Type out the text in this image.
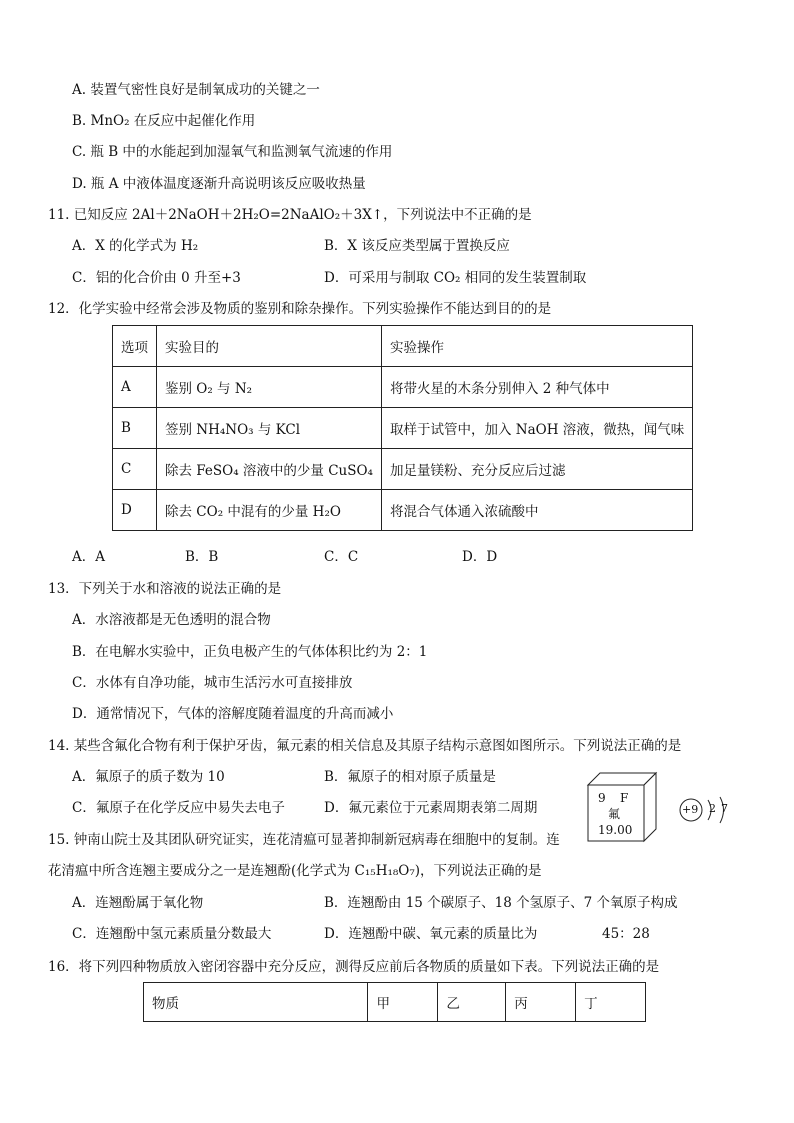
A. 装置气密性良好是制氧成功的关键之一
B. MnO₂ 在反应中起催化作用
C. 瓶 B 中的水能起到加湿氧气和监测氧气流速的作用
D. 瓶 A 中液体温度逐渐升高说明该反应吸收热量
11. 已知反应 2Al＋2NaOH＋2H₂O=2NaAlO₂＋3X↑，下列说法中不正确的是
A．X 的化学式为 H₂	B．X 该反应类型属于置换反应
C．铝的化合价由 0 升至+3	D．可采用与制取 CO₂ 相同的发生装置制取
12．化学实验中经常会涉及物质的鉴别和除杂操作。下列实验操作不能达到目的的是
选项	实验目的	实验操作
A	鉴别 O₂ 与 N₂	将带火星的木条分别伸入 2 种气体中
B	签别 NH₄NO₃ 与 KCl	取样于试管中，加入 NaOH 溶液，微热，闻气味
C	除去 FeSO₄ 溶液中的少量 CuSO₄	加足量镁粉、充分反应后过滤
D	除去 CO₂ 中混有的少量 H₂O	将混合气体通入浓硫酸中
A．A	B．B	C．C	D．D
13．下列关于水和溶液的说法正确的是
A．水溶液都是无色透明的混合物
B．在电解水实验中，正负电极产生的气体体积比约为 2：1
C．水体有自净功能，城市生活污水可直接排放
D．通常情况下，气体的溶解度随着温度的升高而减小
14. 某些含氟化合物有利于保护牙齿，氟元素的相关信息及其原子结构示意图如图所示。下列说法正确的是
A．氟原子的质子数为 10	B．氟原子的相对原子质量是
C．氟原子在化学反应中易失去电子	D．氟元素位于元素周期表第二周期
9 F
氟
19.00
+9 2 7
15. 钟南山院士及其团队研究证实，连花清瘟可显著抑制新冠病毒在细胞中的复制。连
花清瘟中所含连翘主要成分之一是连翘酚(化学式为 C₁₅H₁₈O₇)，下列说法正确的是
A．连翘酚属于氧化物	B．连翘酚由 15 个碳原子、18 个氢原子、7 个氧原子构成
C．连翘酚中氢元素质量分数最大	D．连翘酚中碳、氧元素的质量比为	45：28
16．将下列四种物质放入密闭容器中充分反应，测得反应前后各物质的质量如下表。下列说法正确的是
物质	甲	乙	丙	丁
